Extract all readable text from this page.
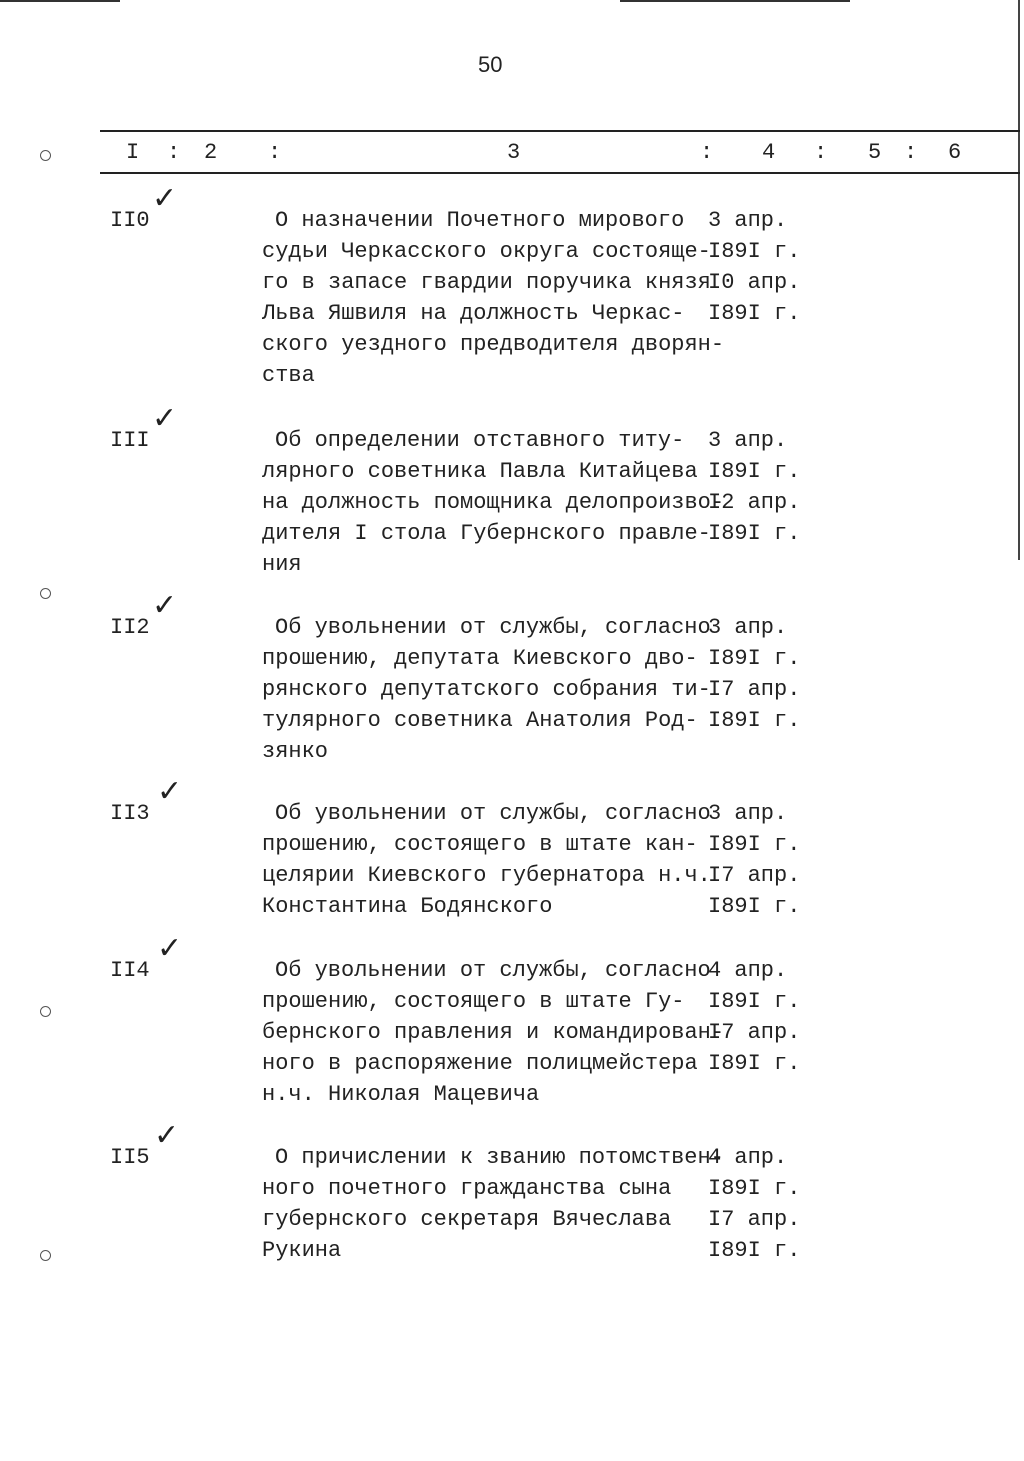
50
I : 2 :	3	: 4 : 5 : 6
II0
✓
О назначении Почетного мирового
судьи Черкасского округа состояще-
го в запасе гвардии поручика князя
Льва Яшвиля на должность Черкас-
ского уездного предводителя дворян-
ства
3 апр.
I89I г.
I0 апр.
I89I г.
III
✓
Об определении отставного титу-
лярного советника Павла Китайцева
на должность помощника делопроизво-
дителя I стола Губернского правле-
ния
3 апр.
I89I г.
I2 апр.
I89I г.
II2
✓
Об увольнении от службы, согласно
прошению, депутата Киевского дво-
рянского депутатского собрания ти-
тулярного советника Анатолия Род-
зянко
3 апр.
I89I г.
I7 апр.
I89I г.
II3
✓
Об увольнении от службы, согласно
прошению, состоящего в штате кан-
целярии Киевского губернатора н.ч.
Константина Бодянского
3 апр.
I89I г.
I7 апр.
I89I г.
II4
✓
Об увольнении от службы, согласно
прошению, состоящего в штате Гу-
бернского правления и командирован-
ного в распоряжение полицмейстера
н.ч. Николая Мацевича
4 апр.
I89I г.
I7 апр.
I89I г.
II5
✓
О причислении к званию потомствен-
ного почетного гражданства сына
губернского секретаря Вячеслава
Рукина
4 апр.
I89I г.
I7 апр.
I89I г.
